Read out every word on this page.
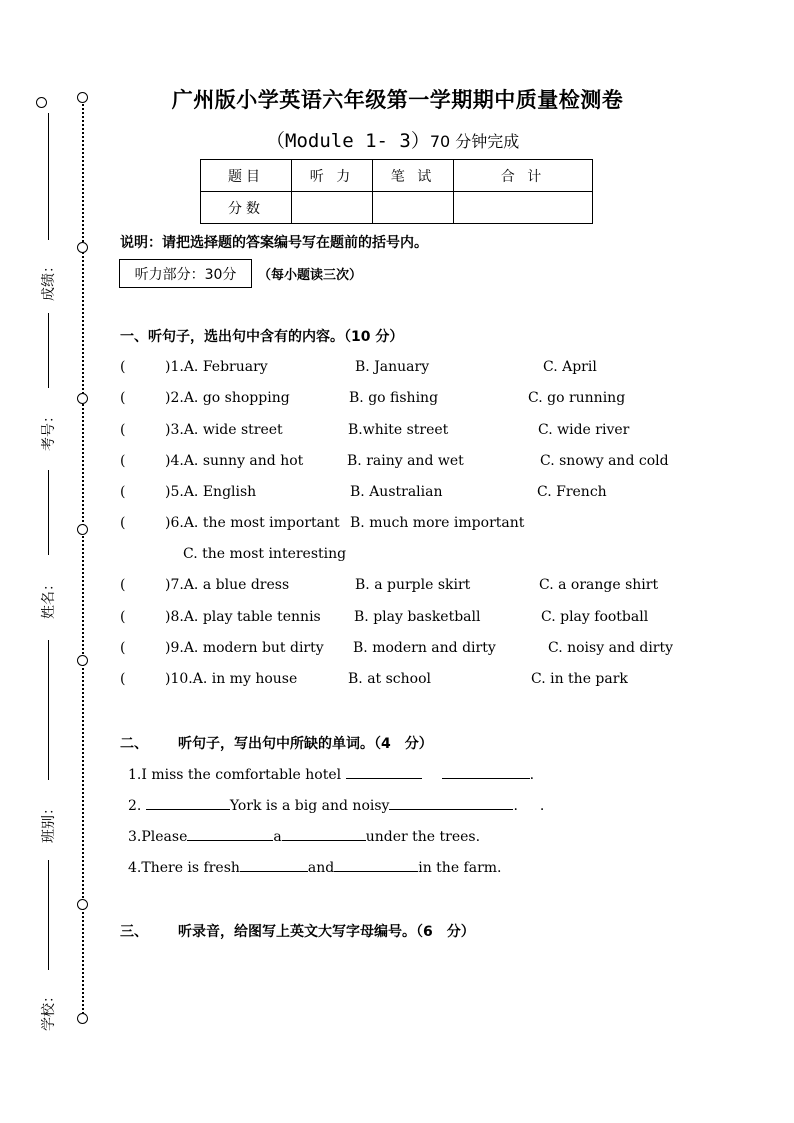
成绩：
考号：
姓名：
班别：
学校：
广州版小学英语六年级第一学期期中质量检测卷
（Module 1- 3）70 分钟完成
题目	听 力	笔 试	合 计
分数			
说明：请把选择题的答案编号写在题前的括号内。
听力部分：30分	（每小题读三次）
一、听句子，选出句中含有的内容。（10 分）
(	)1.A. February	B. January	C. April
(	)2.A. go shopping	B. go fishing	C. go running
(	)3.A. wide street	B.white street	C. wide river
(	)4.A. sunny and hot	B. rainy and wet	C. snowy and cold
(	)5.A. English	B. Australian	C. French
(	)6.A. the most important B. much more important
C. the most interesting
(	)7.A. a blue dress	B. a purple skirt	C. a orange shirt
(	)8.A. play table tennis B. play basketball	C. play football
(	)9.A. modern but dirty B. modern and dirty	C. noisy and dirty
(	)10.A. in my house	B. at school	C. in the park
二、 听句子，写出句中所缺的单词。（4　分）
1.I miss the comfortable hotel	.
2.	York is a big and noisy	. .
3.Please	a	under the trees.
4.There is fresh	and	in the farm.
三、 听录音，给图写上英文大写字母编号。（6　分）
